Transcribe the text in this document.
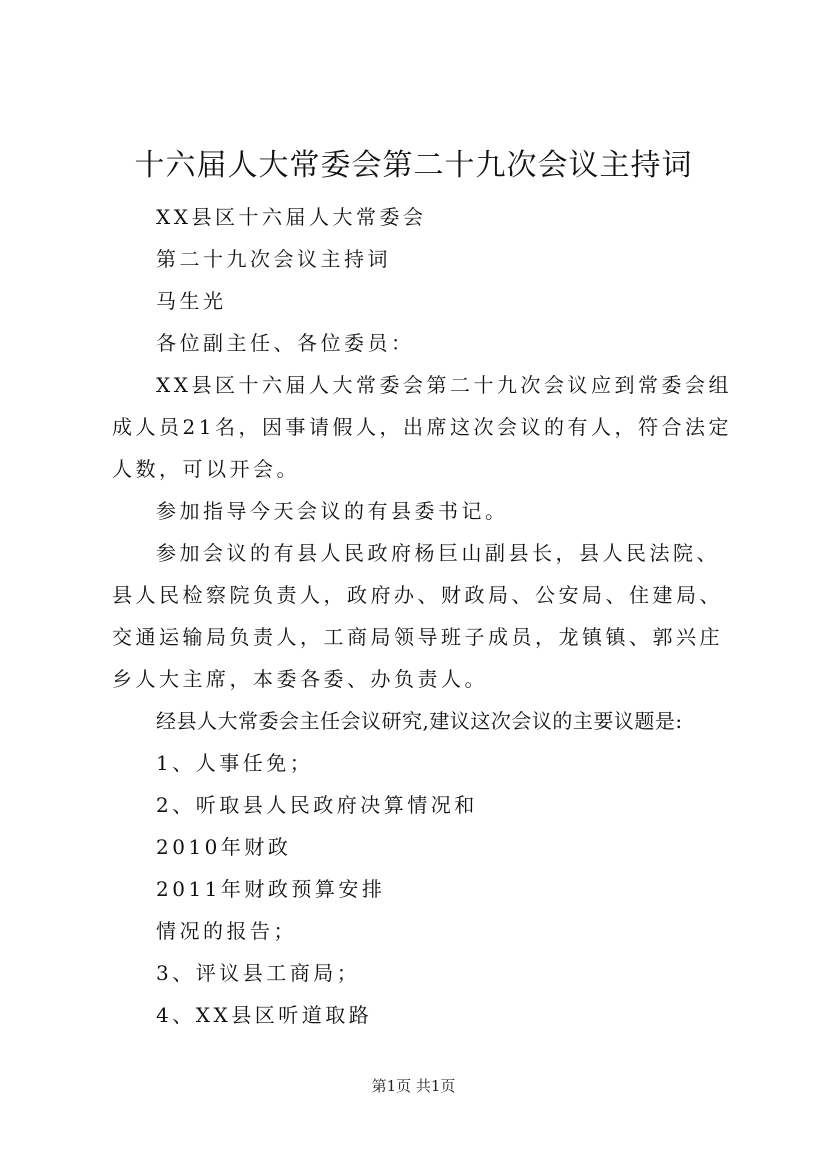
十六届人大常委会第二十九次会议主持词

XX县区十六届人大常委会

第二十九次会议主持词

马生光

各位副主任、各位委员：

XX县区十六届人大常委会第二十九次会议应到常委会组成人员21名，因事请假人，出席这次会议的有人，符合法定人数，可以开会。

参加指导今天会议的有县委书记。

参加会议的有县人民政府杨巨山副县长，县人民法院、县人民检察院负责人，政府办、财政局、公安局、住建局、交通运输局负责人，工商局领导班子成员，龙镇镇、郭兴庄乡人大主席，本委各委、办负责人。

经县人大常委会主任会议研究,建议这次会议的主要议题是:

1、人事任免；

2、听取县人民政府决算情况和

2010年财政

2011年财政预算安排

情况的报告；

3、评议县工商局；

4、XX县区听道取路

第1页 共1页
